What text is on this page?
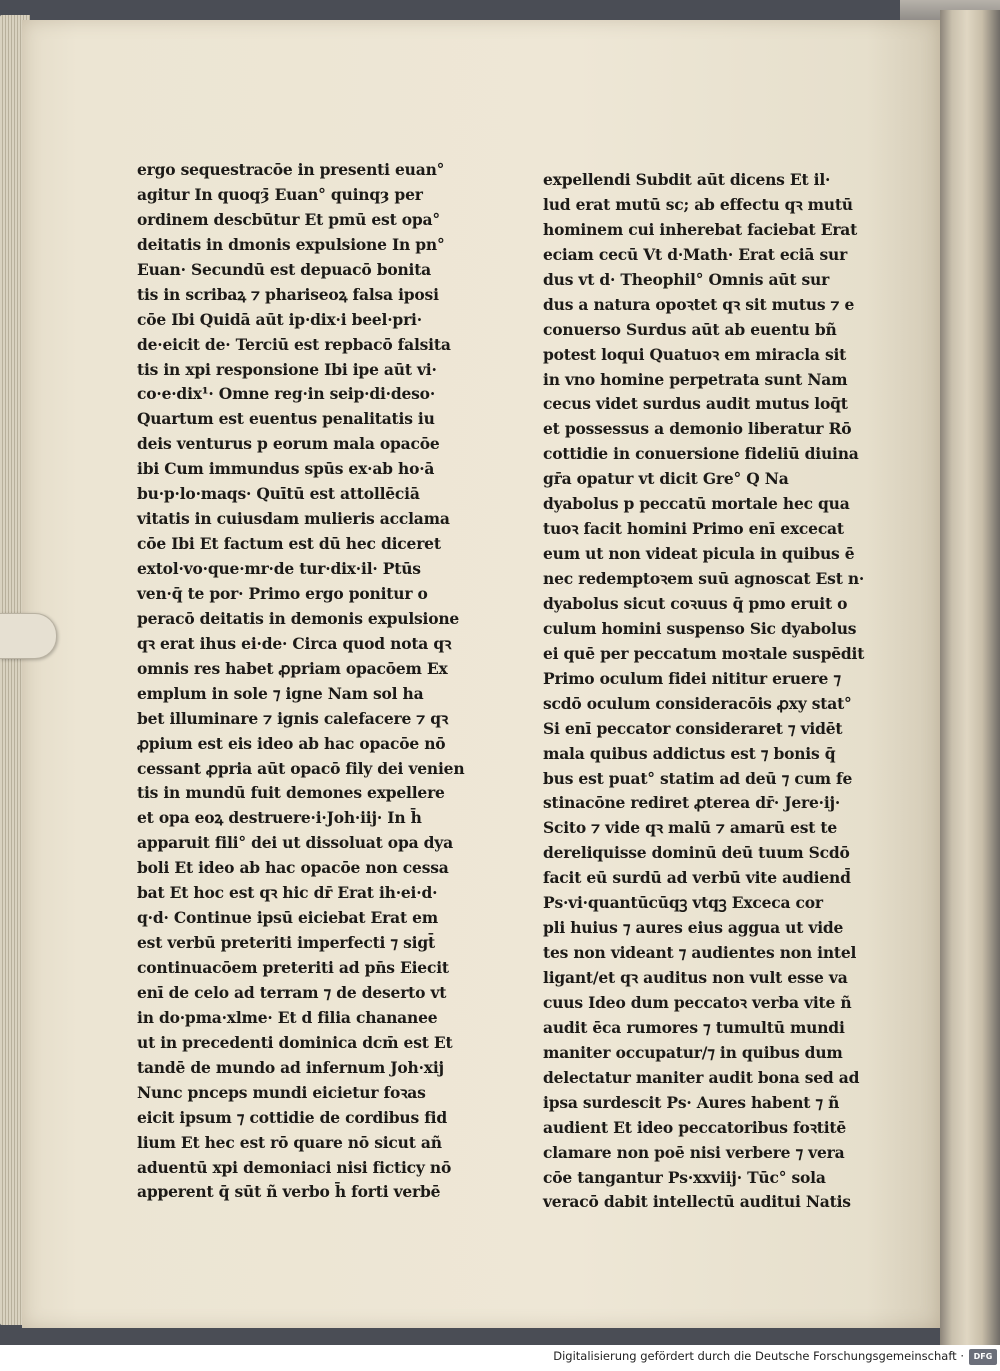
ergo sequestracōe in presenti euan°
agitur In quoqȝ̄ Euan° quinqȝ per
ordinem descbūtur Et pmū est opa°
deitatis in dmonis expulsione In pn°
Euan· Secundū est depuacō bonita
tis in scribaꝝ ⁊ phariseoꝝ falsa iposi
cōe Ibi Quidā aūt ip·dix·i beel·pri·
de·eicit de· Terciū est repbacō falsita
tis in xpi responsione Ibi ipe aūt vi·
co·e·dix¹· Omne reg·in seip·di·deso·
Quartum est euentus penalitatis iu
deis venturus p eorum mala opacōe
ibi Cum immundus spūs ex·ab ho·ā
bu·p·lo·maqs· Quītū est attollēciā
vitatis in cuiusdam mulieris acclama
cōe Ibi Et factum est dū hec diceret
extol·vo·que·mr·de tur·dix·il· Ptūs
ven·q̄ te por· Primo ergo ponitur o
peracō deitatis in demonis expulsione
qꝛ erat ihus ei·de· Circa quod nota qꝛ
omnis res habet ꝓpriam opacōem Ex
emplum in sole ⁊ igne Nam sol ha
bet illuminare ⁊ ignis calefacere ⁊ qꝛ
ꝓpium est eis ideo ab hac opacōe nō
cessant ꝓpria aūt opacō fily dei venien
tis in mundū fuit demones expellere
et opa eoꝝ destruere·i·Joh·iij· In h̄
apparuit fili° dei ut dissoluat opa dya
boli Et ideo ab hac opacōe non cessa
bat Et hoc est qꝛ hic dr̄ Erat ih·ei·d·
q·d· Continue ipsū eiciebat Erat em
est verbū preteriti imperfecti ⁊ sigt̄
continuacōem preteriti ad pn̄s Eiecit
enī de celo ad terram ⁊ de deserto vt
in do·pma·xlme· Et d filia chananee
ut in precedenti dominica dcm̄ est Et
tandē de mundo ad infernum Joh·xij
Nunc pnceps mundi eicietur foꝛas
eicit ipsum ⁊ cottidie de cordibus fid
lium Et hec est rō quare nō sicut añ
aduentū xpi demoniaci nisi ficticy nō
apperent q̄ sūt ñ verbo h̄ forti verbē
expellendi Subdit aūt dicens Et il·
lud erat mutū sc; ab effectu qꝛ mutū
hominem cui inherebat faciebat Erat
eciam cecū Vt d·Math· Erat eciā sur
dus vt d· Theophil° Omnis aūt sur
dus a natura opoꝛtet qꝛ sit mutus ⁊ e
conuerso Surdus aūt ab euentu bñ
potest loqui Quatuoꝛ em miracla sit
in vno homine perpetrata sunt Nam
cecus videt surdus audit mutus loq̄t
et possessus a demonio liberatur Rō
cottidie in conuersione fideliū diuina
gr̄a opatur vt dicit Gre° Q Na
dyabolus p peccatū mortale hec qua
tuoꝛ facit homini Primo enī excecat
eum ut non videat picula in quibus ē
nec redemptoꝛem suū agnoscat Est n·
dyabolus sicut coꝛuus q̄ pmo eruit o
culum homini suspenso Sic dyabolus
ei quē per peccatum moꝛtale suspēdit
Primo oculum fidei nititur eruere ⁊
scdō oculum consideracōis ꝓxy stat°
Si enī peccator consideraret ⁊ vidēt
mala quibus addictus est ⁊ bonis q̄
bus est puat° statim ad deū ⁊ cum fe
stinacōne rediret ꝓterea dr̄· Jere·ij·
Scito ⁊ vide qꝛ malū ⁊ amarū est te
dereliquisse dominū deū tuum Scdō
facit eū surdū ad verbū vite audiend̄
Ps·vi·quantūcūqꝫ vtqꝫ Excecа cor
pli huius ⁊ aures eius aggua ut vide
tes non videant ⁊ audientes non intel
ligant/et qꝛ auditus non vult esse va
cuus Ideo dum peccatoꝛ verba vite ñ
audit ēca rumores ⁊ tumultū mundi
maniter occupatur/⁊ in quibus dum
delectatur maniter audit bona sed ad
ipsa surdescit Ps· Aures habent ⁊ ñ
audient Et ideo peccatoribus foꝛtitē
clamare non poē nisi verbere ⁊ vera
cōe tangantur Ps·xxviij· Tūc° sola
veracō dabit intellectū auditui Natis
Digitalisierung gefördert durch die Deutsche Forschungsgemeinschaft ·	DFG
